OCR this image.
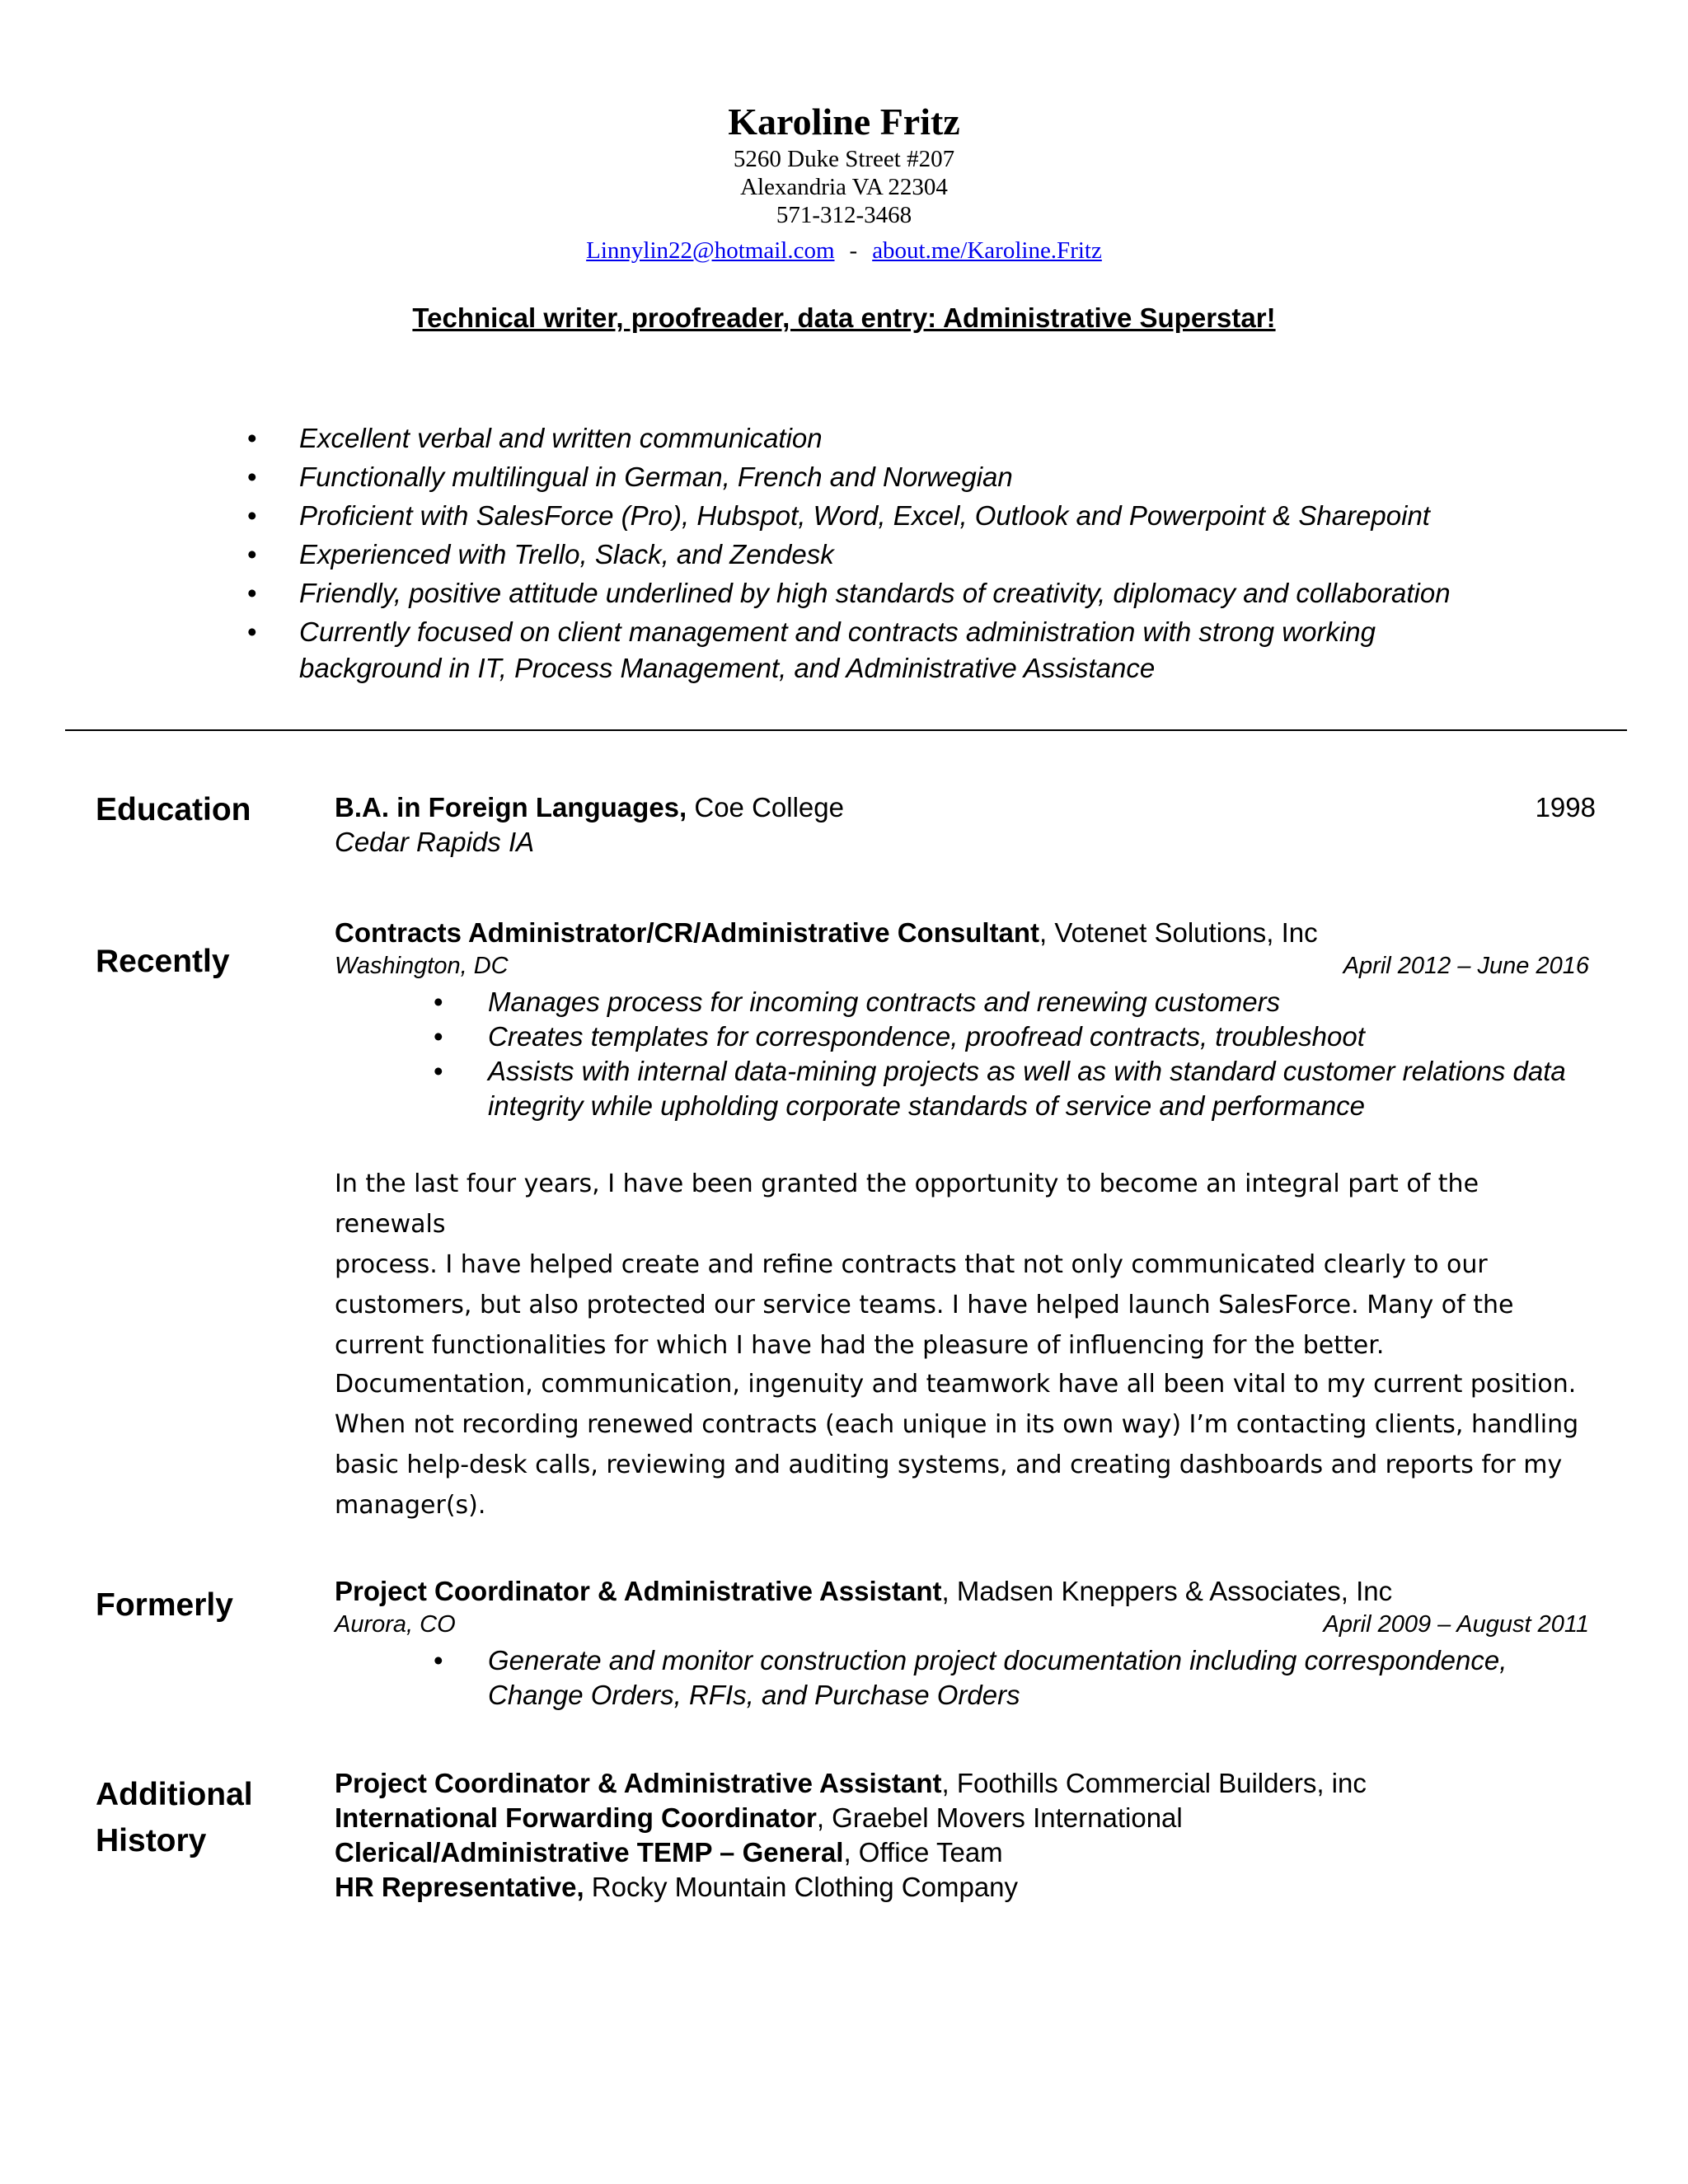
Karoline Fritz
5260 Duke Street #207
Alexandria VA 22304
571-312-3468
Linnylin22@hotmail.com - about.me/Karoline.Fritz
Technical writer, proofreader, data entry: Administrative Superstar!
• Excellent verbal and written communication
• Functionally multilingual in German, French and Norwegian
• Proficient with SalesForce (Pro), Hubspot, Word, Excel, Outlook and Powerpoint & Sharepoint
• Experienced with Trello, Slack, and Zendesk
• Friendly, positive attitude underlined by high standards of creativity, diplomacy and collaboration
• Currently focused on client management and contracts administration with strong working
background in IT, Process Management, and Administrative Assistance
Education	B.A. in Foreign Languages, Coe College	1998
Cedar Rapids IA
Recently
Contracts Administrator/CR/Administrative Consultant, Votenet Solutions, Inc
Washington, DC	April 2012 – June 2016
• Manages process for incoming contracts and renewing customers
• Creates templates for correspondence, proofread contracts, troubleshoot
• Assists with internal data-mining projects as well as with standard customer relations data
integrity while upholding corporate standards of service and performance

In the last four years, I have been granted the opportunity to become an integral part of the renewals
process. I have helped create and refine contracts that not only communicated clearly to our
customers, but also protected our service teams. I have helped launch SalesForce. Many of the
current functionalities for which I have had the pleasure of influencing for the better.

Documentation, communication, ingenuity and teamwork have all been vital to my current position.
When not recording renewed contracts (each unique in its own way) I’m contacting clients, handling
basic help-desk calls, reviewing and auditing systems, and creating dashboards and reports for my
manager(s).

Formerly	Project Coordinator & Administrative Assistant, Madsen Kneppers & Associates, Inc
Aurora, CO	April 2009 – August 2011
• Generate and monitor construction project documentation including correspondence,
Change Orders, RFIs, and Purchase Orders
Additional
History
Project Coordinator & Administrative Assistant, Foothills Commercial Builders, inc
International Forwarding Coordinator, Graebel Movers International
Clerical/Administrative TEMP – General, Office Team
HR Representative, Rocky Mountain Clothing Company
